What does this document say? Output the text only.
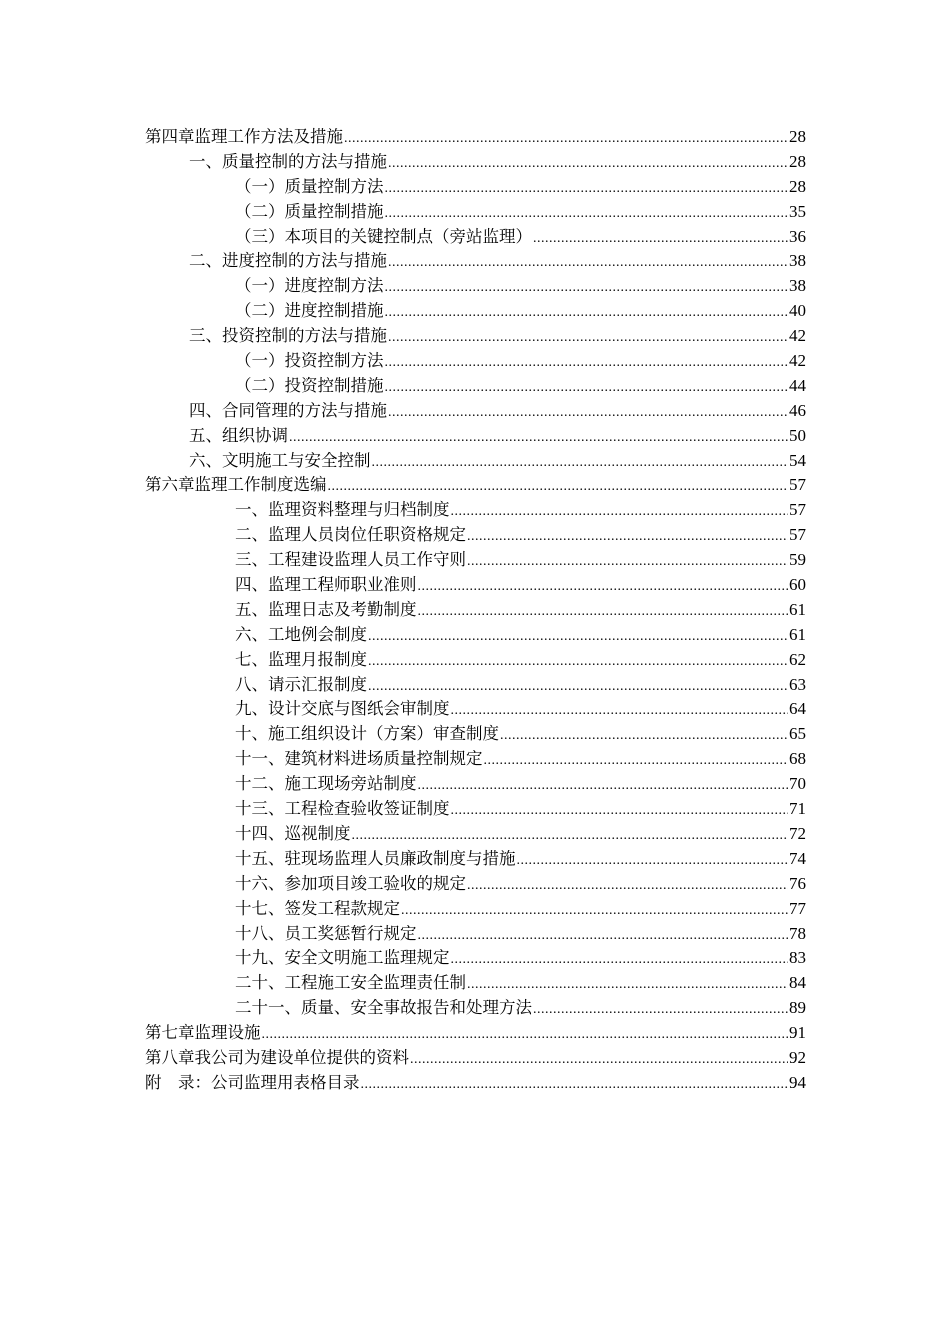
第四章 监理工作方法及措施 .....	28
一、质量控制的方法与措施 .....	28
（一）质量控制方法 .....	28
（二）质量控制措施 .....	35
（三）本项目的关键控制点（旁站监理） .....	36
二、进度控制的方法与措施 .....	38
（一）进度控制方法 .....	38
（二）进度控制措施 .....	40
三、投资控制的方法与措施 .....	42
（一）投资控制方法 .....	42
（二）投资控制措施 .....	44
四、合同管理的方法与措施 .....	46
五、组织协调 .....	50
六、文明施工与安全控制 .....	54
第六章 监理工作制度选编 .....	57
一、监理资料整理与归档制度 .....	57
二、监理人员岗位任职资格规定 .....	57
三、工程建设监理人员工作守则 .....	59
四、监理工程师职业准则 .....	60
五、监理日志及考勤制度 .....	61
六、工地例会制度 .....	61
七、监理月报制度 .....	62
八、请示汇报制度 .....	63
九、设计交底与图纸会审制度 .....	64
十、施工组织设计（方案）审查制度 .....	65
十一、建筑材料进场质量控制规定 .....	68
十二、施工现场旁站制度 .....	70
十三、工程检查验收签证制度 .....	71
十四、巡视制度 .....	72
十五、驻现场监理人员廉政制度与措施 .....	74
十六、参加项目竣工验收的规定 .....	76
十七、签发工程款规定 .....	77
十八、员工奖惩暂行规定 .....	78
十九、安全文明施工监理规定 .....	83
二十、工程施工安全监理责任制 .....	84
二十一、质量、安全事故报告和处理方法 .....	89
第七章 监理设施 .....	91
第八章 我公司为建设单位提供的资料 .....	92
附　录： 公司监理用表格目录 .....	94
